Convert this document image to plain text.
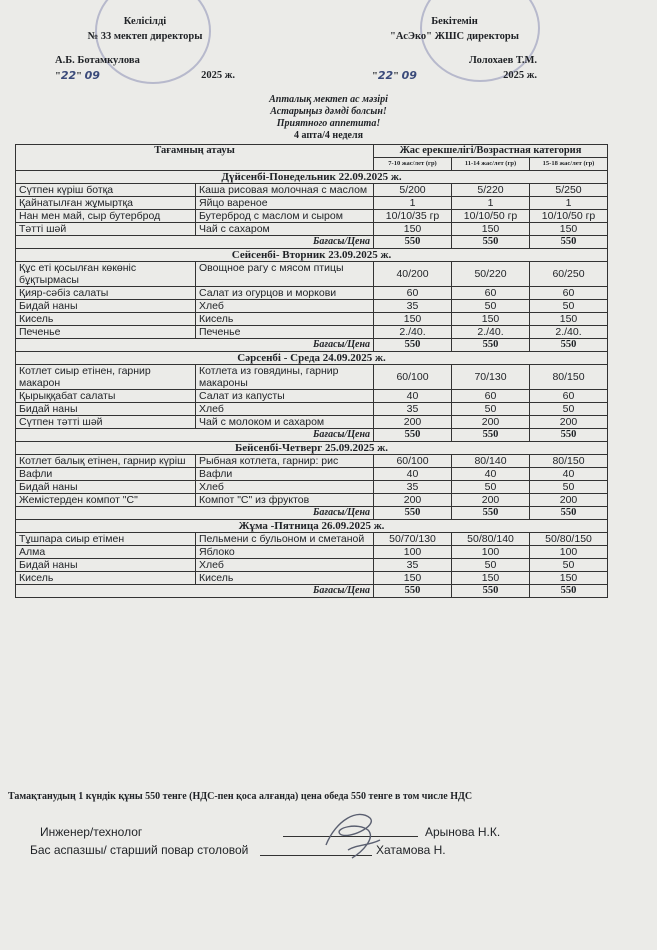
Келісілді
№ 33 мектеп директоры
А.Б. Ботамкулова
"22" 09	2025 ж.
Бекітемін
"АсЭко" ЖШС директоры
Лолохаев Т.М.
"22" 09	2025 ж.
Апталық мектеп ас мәзірі
Астарыңыз дәмді болсын!
Приятного аппетита!
4 апта/4 неделя
Тағамның атауы		Жас ерекшелігі/Возрастная категория		
		7-10 жас/лет (гр)	11-14 жас/лет (гр)	15-18 жас/лет (гр)
Дүйсенбі-Понедельник 22.09.2025 ж.				
Сүтпен күріш ботқа	Каша рисовая молочная с маслом	5/200	5/220	5/250
Қайнатылған жұмыртқа	Яйцо вареное	1	1	1
Нан мен май, сыр бутерброд	Бутерброд с маслом и сыром	10/10/35 гр	10/10/50 гр	10/10/50 гр
Тәтті шәй	Чай с сахаром	150	150	150
Бағасы/Цена		550	550	550
Сейсенбі- Вторник 23.09.2025 ж.				
Құс еті қосылған көкөніс бұқтырмасы	Овощное рагу с мясом птицы	40/200	50/220	60/250
Қияр-сәбіз салаты	Салат из огурцов и моркови	60	60	60
Бидай наны	Хлеб	35	50	50
Кисель	Кисель	150	150	150
Печенье	Печенье	2./40.	2./40.	2./40.
Бағасы/Цена		550	550	550
Сәрсенбі - Среда 24.09.2025 ж.				
Котлет сиыр етінен, гарнир макарон	Котлета из говядины, гарнир макароны	60/100	70/130	80/150
Қырыққабат салаты	Салат из капусты	40	60	60
Бидай наны	Хлеб	35	50	50
Сүтпен тәтті шәй	Чай с молоком и сахаром	200	200	200
Бағасы/Цена		550	550	550
Бейсенбі-Четверг 25.09.2025 ж.				
Котлет балық етінен, гарнир күріш	Рыбная котлета, гарнир: рис	60/100	80/140	80/150
Вафли	Вафли	40	40	40
Бидай наны	Хлеб	35	50	50
Жемістерден компот "С"	Компот "С" из фруктов	200	200	200
Бағасы/Цена		550	550	550
Жұма -Пятница 26.09.2025 ж.				
Тұшпара сиыр етімен	Пельмени с бульоном и сметаной	50/70/130	50/80/140	50/80/150
Алма	Яблоко	100	100	100
Бидай наны	Хлеб	35	50	50
Кисель	Кисель	150	150	150
Бағасы/Цена		550	550	550
Тамақтанудың 1 күндік құны 550 тенге (НДС-пен қоса алғанда) цена обеда 550 тенге в том числе НДС
Инженер/технолог	Арынова Н.К.
Бас аспазшы/ старший повар столовой	Хатамова Н.
